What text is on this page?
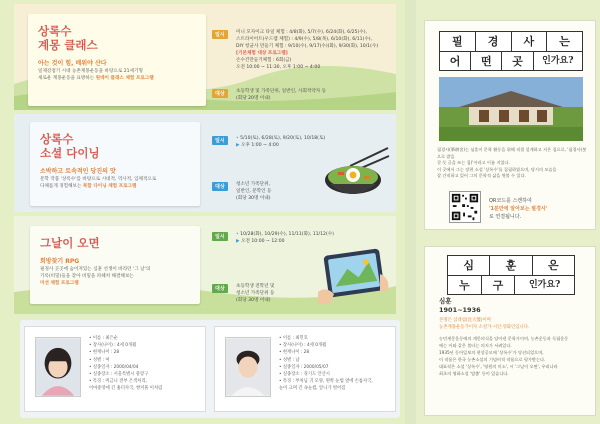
상록수
계몽 클래스
아는 것이 힘, 배워야 산다
일제강점기 시대 농촌계몽운동을 바탕으로 21세기형
새로운 계몽운동을 표방하는 원데이 클래스 체험 프로그램
일시	미니 모자이크 타일 체험 : 4/8(화), 5/7(수), 6/24(화), 6/25(수),
스트라이어트(우드랩 체험) : 4/9(수), 5/8(목), 6/10(화), 6/11(수),
DIY 항균사 만들기 체험 : 9/10(수), 9/17(수)(화), 9/30(화), 10/1(수)
[기본체험 대상 프로그램]
손수건만들기체험 : 6회(금)
오전 10:00 ~ 11:30, 오후 1:00 ~ 4:00
대상	초등학생 및 가족단위, 일반인, 사회적약자 등
(회당 20명 이내)
상록수
소셜 다이닝
소박하고 토속적인 당진의 맛
문학 작품 '상록수'를 바탕으로 시대적, 역사적, 입체적으로
다채롭게 경험해보는 복합 다이닝 체험 프로그램
일시	• 5/10(토), 6/28(토), 9/20(토), 10/18(토)
▶ 오후 1:00 ~ 4:00
대상	청소년 가족단위,
일반인, 문학인 등
(회당 30명 이내)
그날이 오면
회방찾기 RPG
필경사 곳곳에 숨어져있는 심훈 선생이 바라던 '그 날'의
기록(비밀)들을 찾아 비밀을 파헤쳐 해결해보는
미션 체험 프로그램
일시	• 10/28(화), 10/29(수), 11/11(화), 11/12(수)
▶ 오전 10:00 ~ 12:00
대상	초등학생 전학년 및
청소년 가족단위 등
(회당 30명 이내)
• 이름 : 최은순
• 장사(나이) : 4세 0개월
• 현재나이 : 28
• 성별 : 여
• 실종일자 : 2000/04/04
• 실종장소 : 서울특별시 중랑구
• 특징 : 머금니 전부 은색처리,
이마중앙에 긴 흉터자국, 쌍커풀 이처럼
• 이름 : 최민호
• 장사(나이) : 4세 0개월
• 현재나이 : 28
• 성별 : 남
• 실종일자 : 2000/05/07
• 실종장소 : 경기도 안산시
• 특징 : 부처님 귀 모양, 왼쪽 눈썹 옆에 손톱자국,
눈이 크며 긴 속눈썹, 앞니가 벌어짐
필	경	사	는
어	떤	곳	인가요?
필경사(筆耕舍)는 심훈이 문학 활동을 위해 직접 설계하고 지은 집으로, '필경사(붓으로 밭을
갈 듯 글을 쓰는 집)'이라고 이름 지었다.
이 곳에서 그는 장편 소설 '상록수'를 집필하였으며, 당시의 모습을
잘 간직하고 있어 그의 문학적 삶을 엿볼 수 있다.
QR코드를 스캔하여
'1분만에 알아보는 필경사'
로 연결됩니다.
심	훈	은
누	구	인가요?
심훈
1901~1936
본명은 심대섭(沈大燮)이며
농촌계몽운동가이자 소설가·시인·영화인입니다.
농민계몽운동에의 계몽의식을 담아낸 문학가이며, 농촌운동과 독립운동
에는 이와 같은 불타는 의지가 서려있다.
1935년 동아일보의 현상공모에 '상록수'가 당선되었으며,
이 작품은 한국 농촌소설의 기념비적 작품으로 평가받는다.
대표작은 소설 '상록수', '영원의 미소', 시 '그날이 오면', 우리나라
최초의 영화소설 '탈춤' 등이 있습니다.
